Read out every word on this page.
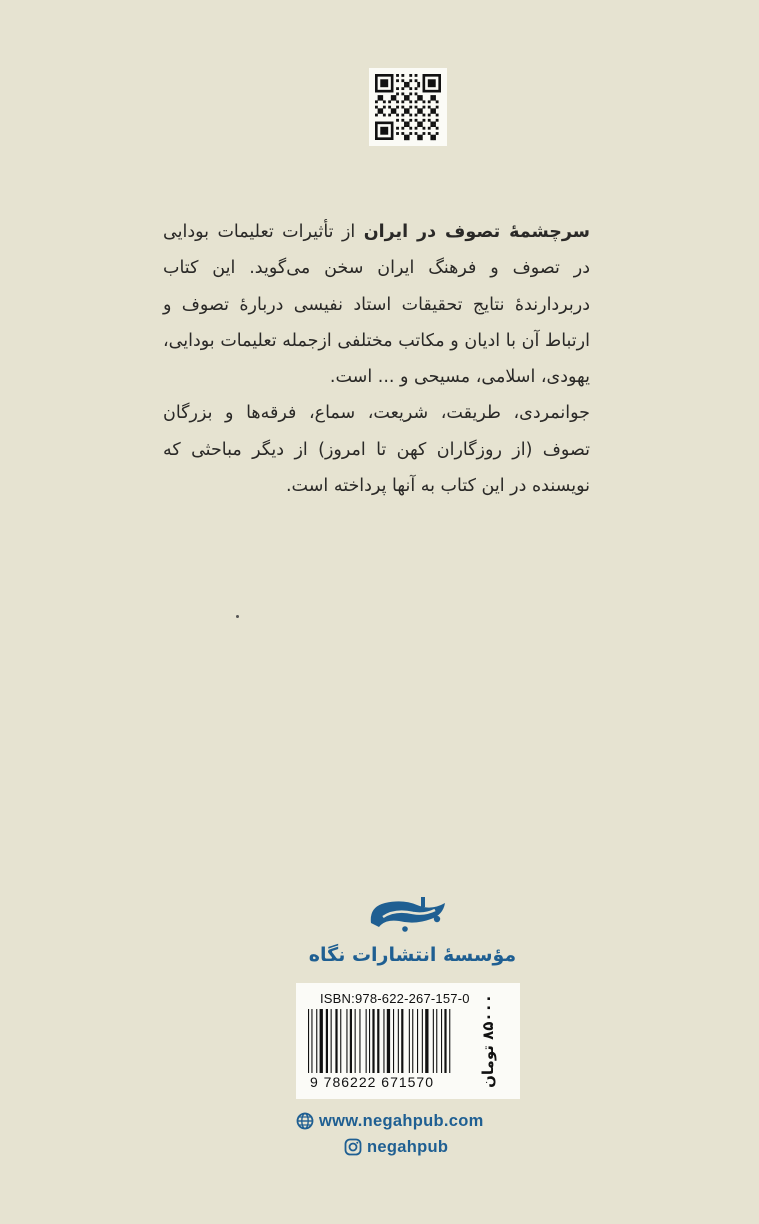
سرچشمهٔ تصوف در ایران از تأثیرات تعلیمات بودایی در تصوف و فرهنگ ایران سخن می‌گوید. این کتاب دربردارندهٔ نتایج تحقیقات استاد نفیسی دربارهٔ تصوف و ارتباط آن با ادیان و مکاتب مختلفی ازجمله تعلیمات بودایی، یهودی، اسلامی، مسیحی و ... است.

جوانمردی، طریقت، شریعت، سماع، فرقه‌ها و بزرگان تصوف (از روزگاران کهن تا امروز) از دیگر مباحثی که نویسنده در این کتاب به آنها پرداخته است.

مؤسسهٔ انتشارات نگاه
ISBN:978-622-267-157-0
9 786222 671570	۸۵۰۰۰ تومان
www.negahpub.com
negahpub
